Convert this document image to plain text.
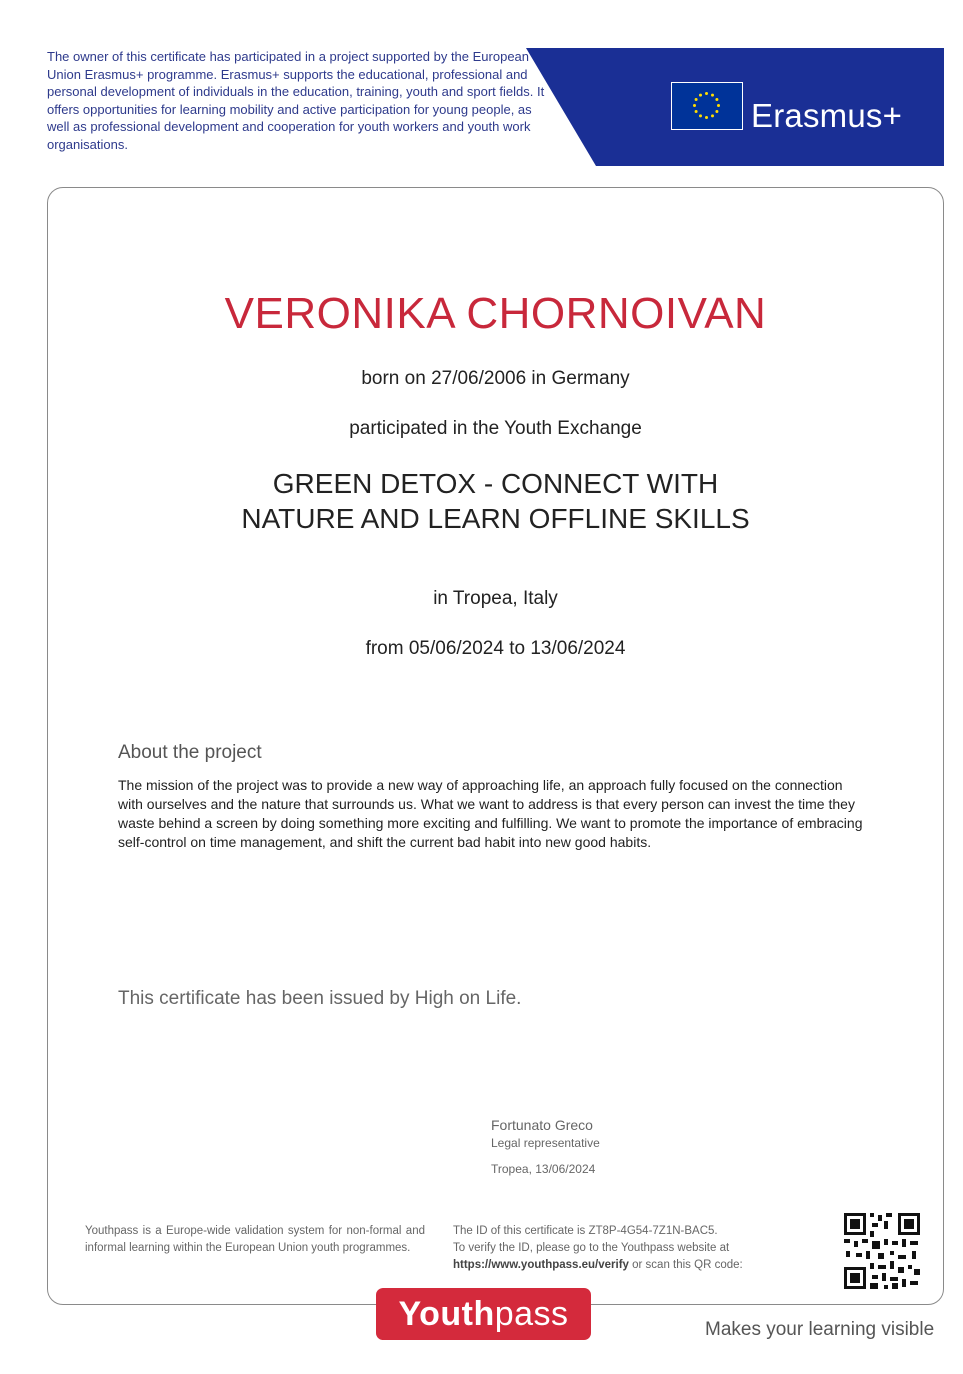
The owner of this certificate has participated in a project supported by the European Union Erasmus+ programme. Erasmus+ supports the educational, professional and personal development of individuals in the education, training, youth and sport fields. It offers opportunities for learning mobility and active participation for young people, as well as professional development and cooperation for youth workers and youth work organisations.
Erasmus+
VERONIKA CHORNOIVAN
born on 27/06/2006 in Germany
participated in the Youth Exchange
GREEN DETOX - CONNECT WITH
NATURE AND LEARN OFFLINE SKILLS
in Tropea, Italy
from 05/06/2024 to 13/06/2024
About the project
The mission of the project was to provide a new way of approaching life, an approach fully focused on the connection with ourselves and the nature that surrounds us. What we want to address is that every person can invest the time they waste behind a screen by doing something more exciting and fulfilling. We want to promote the importance of embracing self-control on time management, and shift the current bad habit into new good habits.
This certificate has been issued by High on Life.
Fortunato Greco
Legal representative
Tropea, 13/06/2024
Youthpass is a Europe-wide validation system for non-formal and informal learning within the European Union youth programmes.
The ID of this certificate is ZT8P-4G54-7Z1N-BAC5.
To verify the ID, please go to the Youthpass website at
https://www.youthpass.eu/verify or scan this QR code:
Youthpass	Makes your learning visible
